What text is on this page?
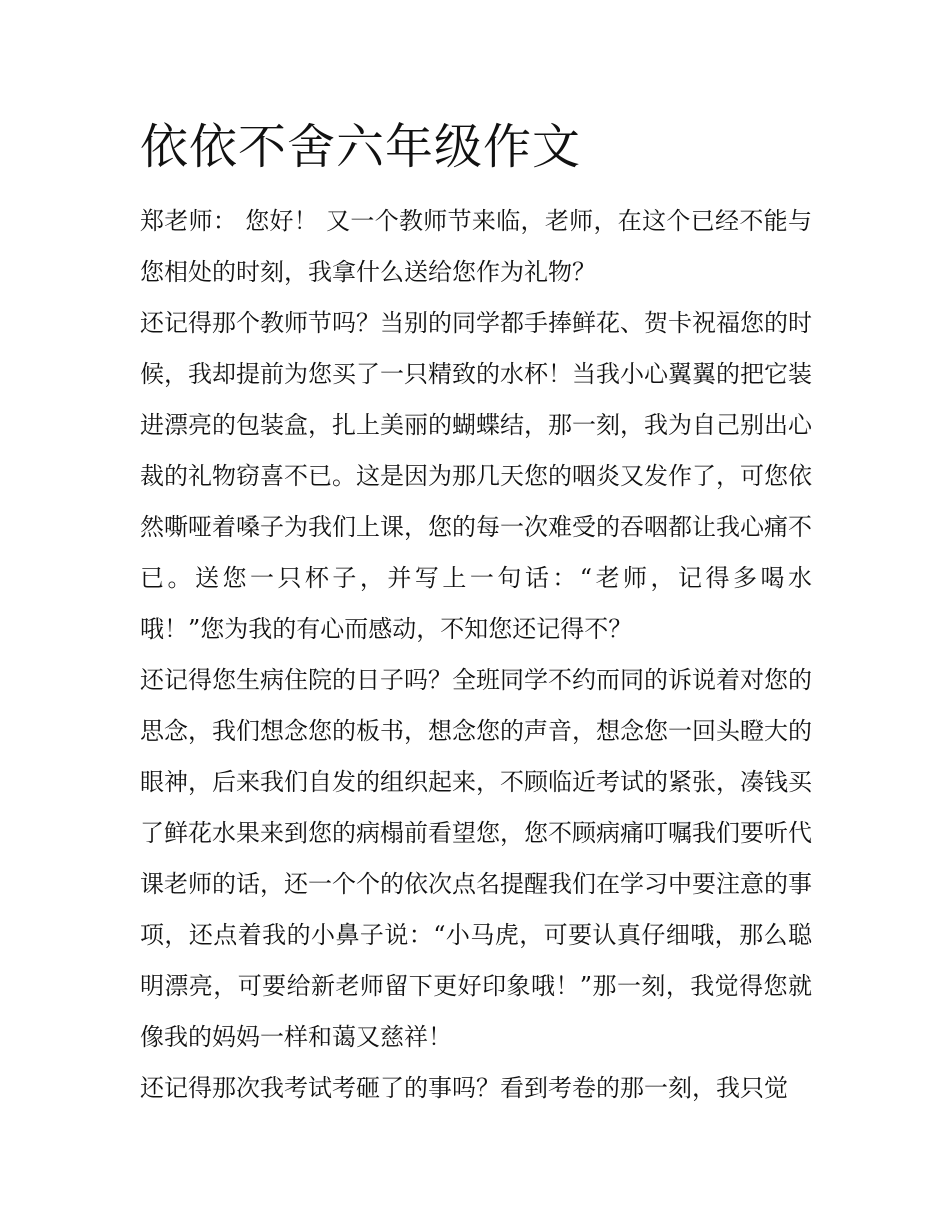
依依不舍六年级作文

郑老师： 您好！ 又一个教师节来临，老师，在这个已经不能与您相处的时刻，我拿什么送给您作为礼物？

还记得那个教师节吗？当别的同学都手捧鲜花、贺卡祝福您的时候，我却提前为您买了一只精致的水杯！当我小心翼翼的把它装进漂亮的包装盒，扎上美丽的蝴蝶结，那一刻，我为自己别出心裁的礼物窃喜不已。这是因为那几天您的咽炎又发作了，可您依然嘶哑着嗓子为我们上课，您的每一次难受的吞咽都让我心痛不已。送您一只杯子，并写上一句话：“老师，记得多喝水哦！”您为我的有心而感动，不知您还记得不？

还记得您生病住院的日子吗？全班同学不约而同的诉说着对您的思念，我们想念您的板书，想念您的声音，想念您一回头瞪大的眼神，后来我们自发的组织起来，不顾临近考试的紧张，凑钱买了鲜花水果来到您的病榻前看望您，您不顾病痛叮嘱我们要听代课老师的话，还一个个的依次点名提醒我们在学习中要注意的事项，还点着我的小鼻子说：“小马虎，可要认真仔细哦，那么聪明漂亮，可要给新老师留下更好印象哦！”那一刻，我觉得您就像我的妈妈一样和蔼又慈祥！

还记得那次我考试考砸了的事吗？看到考卷的那一刻，我只觉
